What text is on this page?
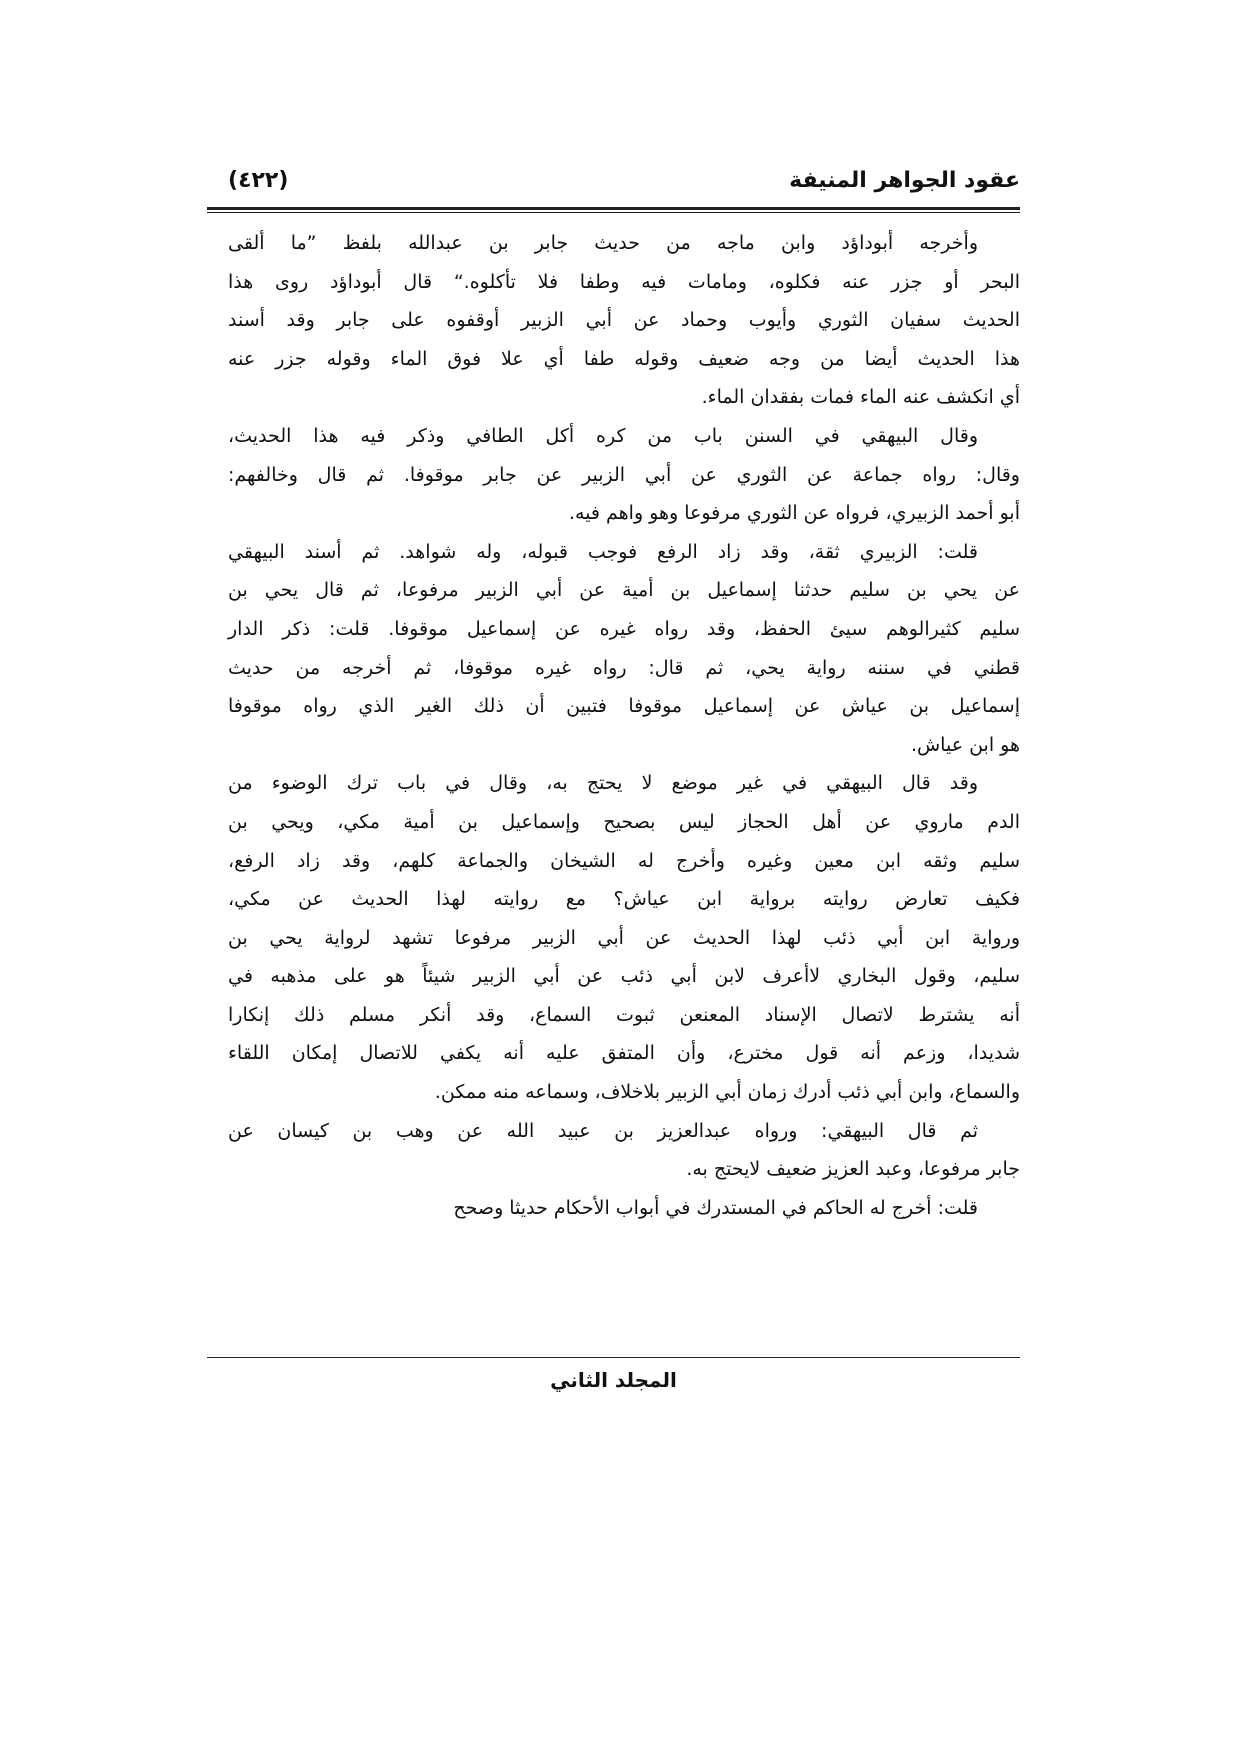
عقود الجواهر المنيفة
(٤٢٢)
وأخرجه أبوداؤد وابن ماجه من حديث جابر بن عبدالله بلفظ ”ما ألقى
البحر أو جزر عنه فكلوه، ومامات فيه وطفا فلا تأكلوه.“ قال أبوداؤد روى هذا
الحديث سفيان الثوري وأيوب وحماد عن أبي الزبير أوقفوه على جابر وقد أسند
هذا الحديث أيضا من وجه ضعيف وقوله طفا أي علا فوق الماء وقوله جزر عنه
أي انكشف عنه الماء فمات بفقدان الماء.
وقال البيهقي في السنن باب من كره أكل الطافي وذكر فيه هذا الحديث،
وقال: رواه جماعة عن الثوري عن أبي الزبير عن جابر موقوفا. ثم قال وخالفهم:
أبو أحمد الزبيري، فرواه عن الثوري مرفوعا وهو واهم فيه.
قلت: الزبيري ثقة، وقد زاد الرفع فوجب قبوله، وله شواهد. ثم أسند البيهقي
عن يحي بن سليم حدثنا إسماعيل بن أمية عن أبي الزبير مرفوعا، ثم قال يحي بن
سليم كثيرالوهم سيئ الحفظ، وقد رواه غيره عن إسماعيل موقوفا. قلت: ذكر الدار
قطني في سننه رواية يحي، ثم قال: رواه غيره موقوفا، ثم أخرجه من حديث
إسماعيل بن عياش عن إسماعيل موقوفا فتبين أن ذلك الغير الذي رواه موقوفا
هو ابن عياش.
وقد قال البيهقي في غير موضع لا يحتج به، وقال في باب ترك الوضوء من
الدم ماروي عن أهل الحجاز ليس بصحيح وإسماعيل بن أمية مكي، ويحي بن
سليم وثقه ابن معين وغيره وأخرج له الشيخان والجماعة كلهم، وقد زاد الرفع،
فكيف تعارض روايته برواية ابن عياش؟ مع روايته لهذا الحديث عن مكي،
ورواية ابن أبي ذئب لهذا الحديث عن أبي الزبير مرفوعا تشهد لرواية يحي بن
سليم، وقول البخاري لاأعرف لابن أبي ذئب عن أبي الزبير شيئاً هو على مذهبه في
أنه يشترط لاتصال الإسناد المعنعن ثبوت السماع، وقد أنكر مسلم ذلك إنكارا
شديدا، وزعم أنه قول مخترع، وأن المتفق عليه أنه يكفي للاتصال إمكان اللقاء
والسماع، وابن أبي ذئب أدرك زمان أبي الزبير بلاخلاف، وسماعه منه ممكن.
ثم قال البيهقي: ورواه عبدالعزيز بن عبيد الله عن وهب بن كيسان عن
جابر مرفوعا، وعبد العزيز ضعيف لايحتج به.
قلت: أخرج له الحاكم في المستدرك في أبواب الأحكام حديثا وصحح
المجلد الثاني
